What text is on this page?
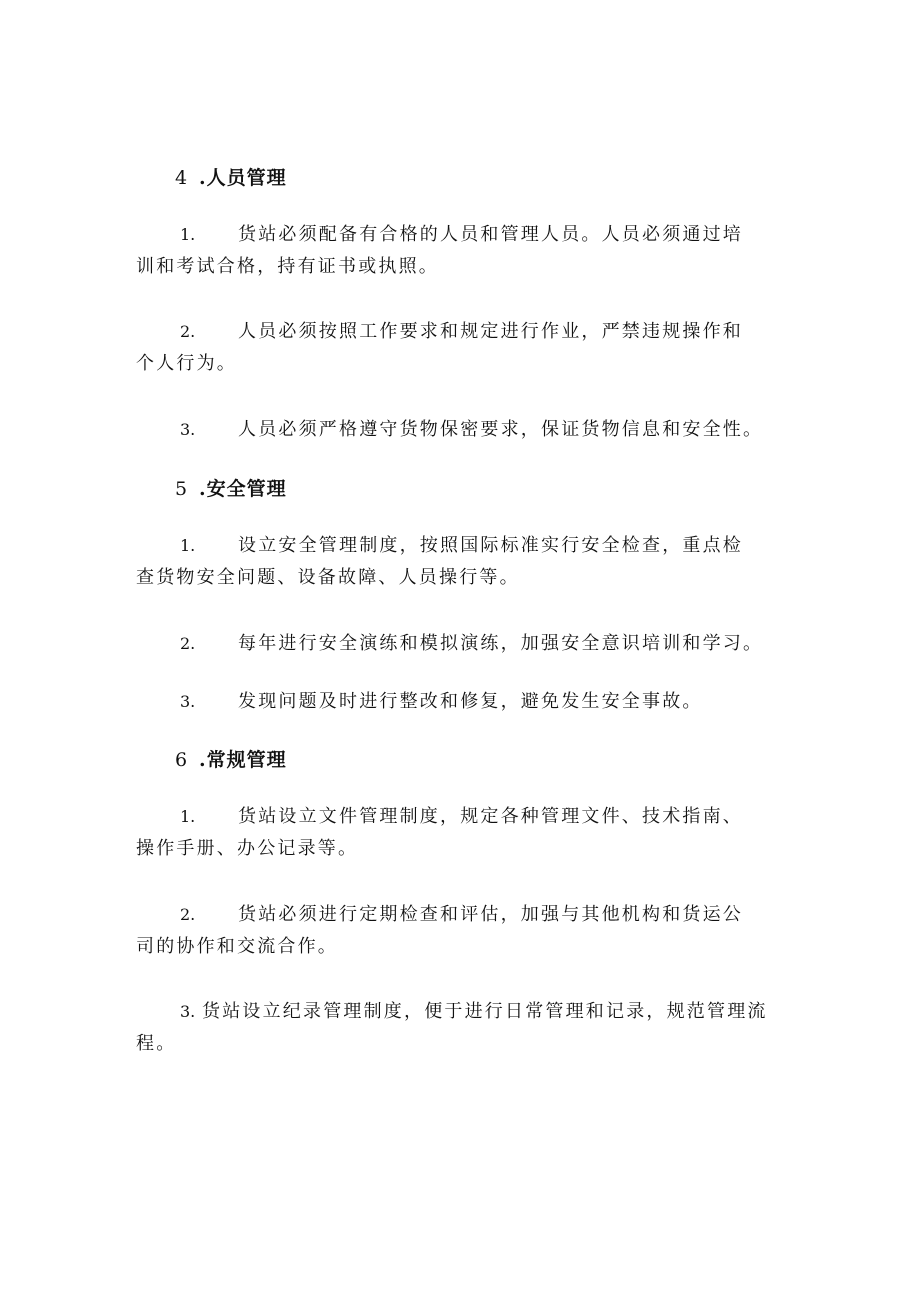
4 .人员管理
1. 货站必须配备有合格的人员和管理人员。人员必须通过培
训和考试合格，持有证书或执照。
2. 人员必须按照工作要求和规定进行作业，严禁违规操作和
个人行为。
3. 人员必须严格遵守货物保密要求，保证货物信息和安全性。
5 .安全管理
1. 设立安全管理制度，按照国际标准实行安全检查，重点检
查货物安全问题、设备故障、人员操行等。
2. 每年进行安全演练和模拟演练，加强安全意识培训和学习。
3. 发现问题及时进行整改和修复，避免发生安全事故。
6 .常规管理
1. 货站设立文件管理制度，规定各种管理文件、技术指南、
操作手册、办公记录等。
2. 货站必须进行定期检查和评估，加强与其他机构和货运公
司的协作和交流合作。
3. 货站设立纪录管理制度，便于进行日常管理和记录，规范管理流
程。
